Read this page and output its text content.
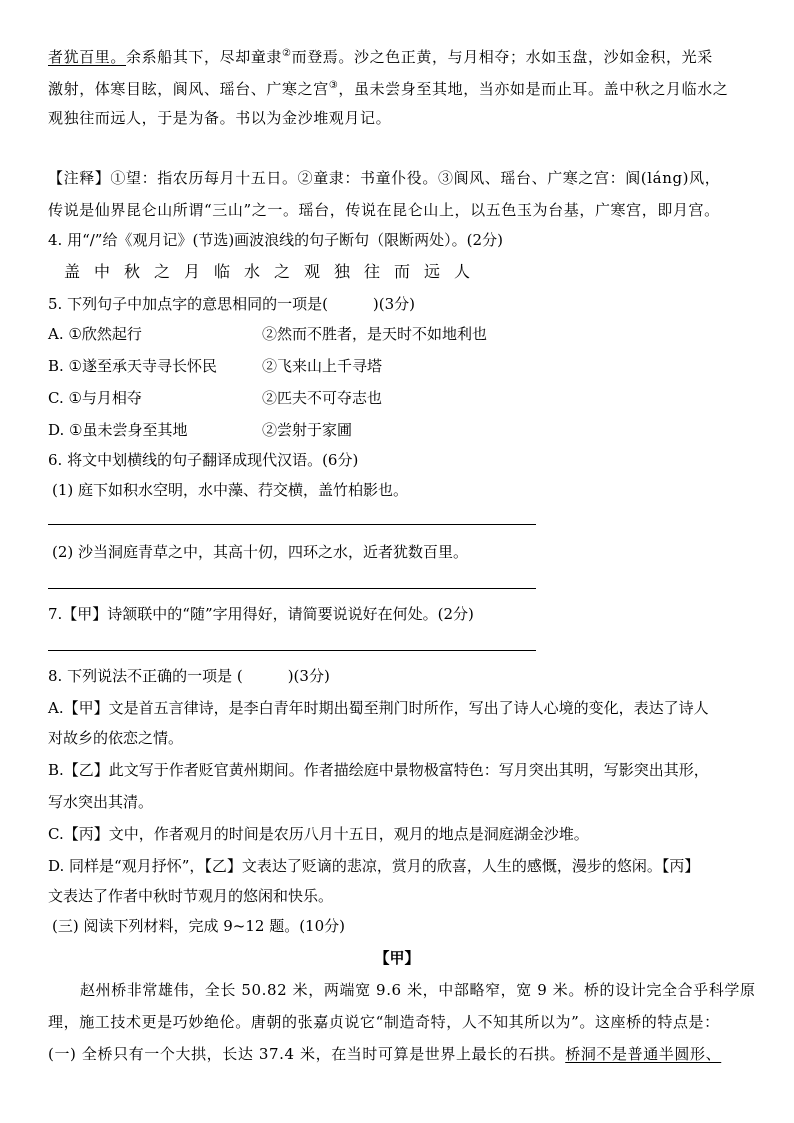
者犹百里。余系船其下，尽却童隶②而登焉。沙之色正黄，与月相夺；水如玉盘，沙如金积，光采
激射，体寒目眩，阆风、瑶台、广寒之宫③，虽未尝身至其地，当亦如是而止耳。盖中秋之月临水之
观独往而远人，于是为备。书以为金沙堆观月记。
【注释】①望：指农历每月十五日。②童隶：书童仆役。③阆风、瑶台、广寒之宫：阆(láng)风，
传说是仙界昆仑山所谓“三山”之一。瑶台，传说在昆仑山上，以五色玉为台基，广寒宫，即月宫。
4. 用“/”给《观月记》(节选)画波浪线的句子断句（限断两处）。(2分)
盖中秋之月临水之观独往而远人
5. 下列句子中加点字的意思相同的一项是(　　　)(3分)
A. ①欣然起行	②然而不胜者，是天时不如地利也
B. ①遂至承天寺寻长怀民	②飞来山上千寻塔
C. ①与月相夺	②匹夫不可夺志也
D. ①虽未尝身至其地	②尝射于家圃
6. 将文中划横线的句子翻译成现代汉语。(6分)
(1) 庭下如积水空明，水中藻、荇交横，盖竹柏影也。
(2) 沙当洞庭青草之中，其高十仞，四环之水，近者犹数百里。
7.【甲】诗颔联中的“随”字用得好，请简要说说好在何处。(2分)
8. 下列说法不正确的一项是 (　　　)(3分)
A.【甲】文是首五言律诗，是李白青年时期出蜀至荆门时所作，写出了诗人心境的变化，表达了诗人
对故乡的依恋之情。
B.【乙】此文写于作者贬官黄州期间。作者描绘庭中景物极富特色：写月突出其明，写影突出其形，
写水突出其清。
C.【丙】文中，作者观月的时间是农历八月十五日，观月的地点是洞庭湖金沙堆。
D. 同样是“观月抒怀”，【乙】文表达了贬谪的悲凉，赏月的欣喜，人生的感慨，漫步的悠闲。【丙】
文表达了作者中秋时节观月的悠闲和快乐。
(三) 阅读下列材料，完成 9~12 题。(10分)
【甲】
赵州桥非常雄伟，全长 50.82 米，两端宽 9.6 米，中部略窄，宽 9 米。桥的设计完全合乎科学原
理，施工技术更是巧妙绝伦。唐朝的张嘉贞说它“制造奇特，人不知其所以为”。这座桥的特点是：
(一) 全桥只有一个大拱，长达 37.4 米，在当时可算是世界上最长的石拱。桥洞不是普通半圆形、
